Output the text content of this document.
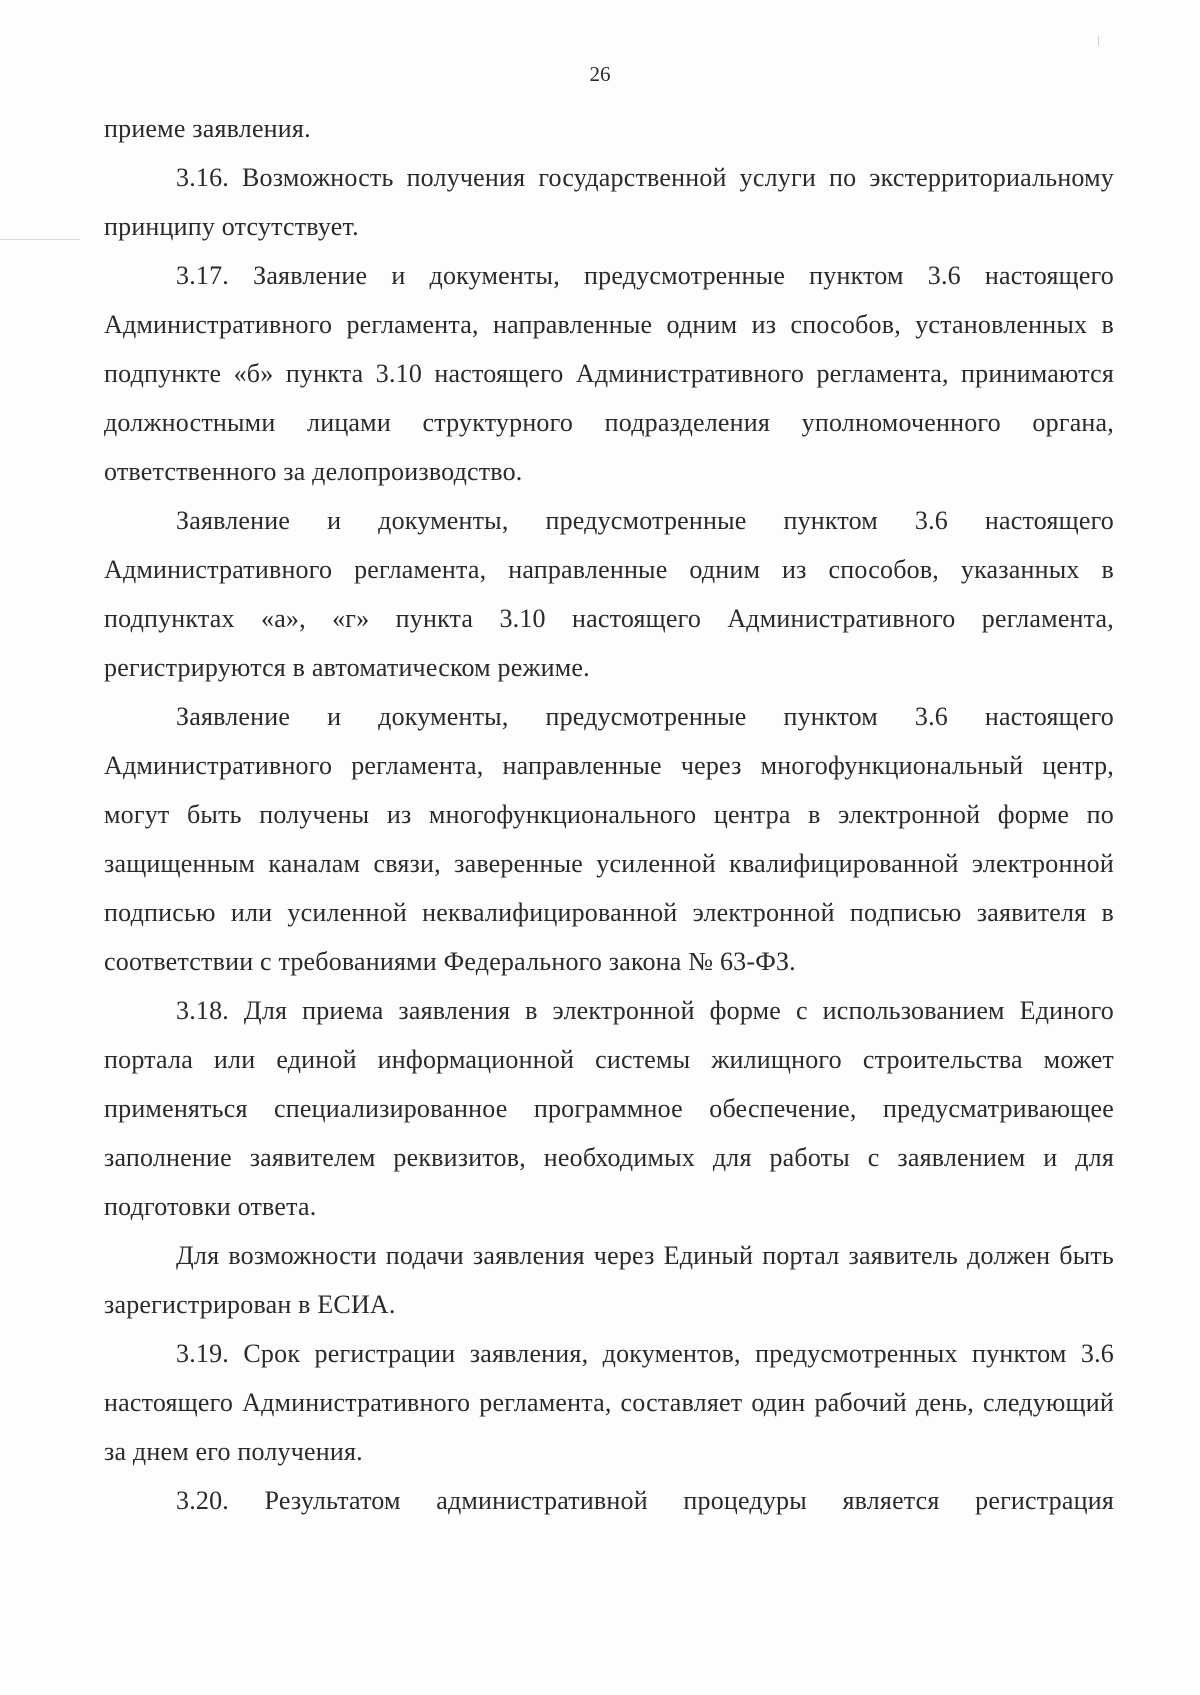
26

приеме заявления.

3.16. Возможность получения государственной услуги по экстерриториальному принципу отсутствует.

3.17. Заявление и документы, предусмотренные пунктом 3.6 настоящего Административного регламента, направленные одним из способов, установленных в подпункте «б» пункта 3.10 настоящего Административного регламента, принимаются должностными лицами структурного подразделения уполномоченного органа, ответственного за делопроизводство.

Заявление и документы, предусмотренные пунктом 3.6 настоящего Административного регламента, направленные одним из способов, указанных в подпунктах «а», «г» пункта 3.10 настоящего Административного регламента, регистрируются в автоматическом режиме.

Заявление и документы, предусмотренные пунктом 3.6 настоящего Административного регламента, направленные через многофункциональный центр, могут быть получены из многофункционального центра в электронной форме по защищенным каналам связи, заверенные усиленной квалифицированной электронной подписью или усиленной неквалифицированной электронной подписью заявителя в соответствии с требованиями Федерального закона № 63-ФЗ.

3.18. Для приема заявления в электронной форме с использованием Единого портала или единой информационной системы жилищного строительства может применяться специализированное программное обеспечение, предусматривающее заполнение заявителем реквизитов, необходимых для работы с заявлением и для подготовки ответа.

Для возможности подачи заявления через Единый портал заявитель должен быть зарегистрирован в ЕСИА.

3.19. Срок регистрации заявления, документов, предусмотренных пунктом 3.6 настоящего Административного регламента, составляет один рабочий день, следующий за днем его получения.

3.20. Результатом административной процедуры является регистрация
